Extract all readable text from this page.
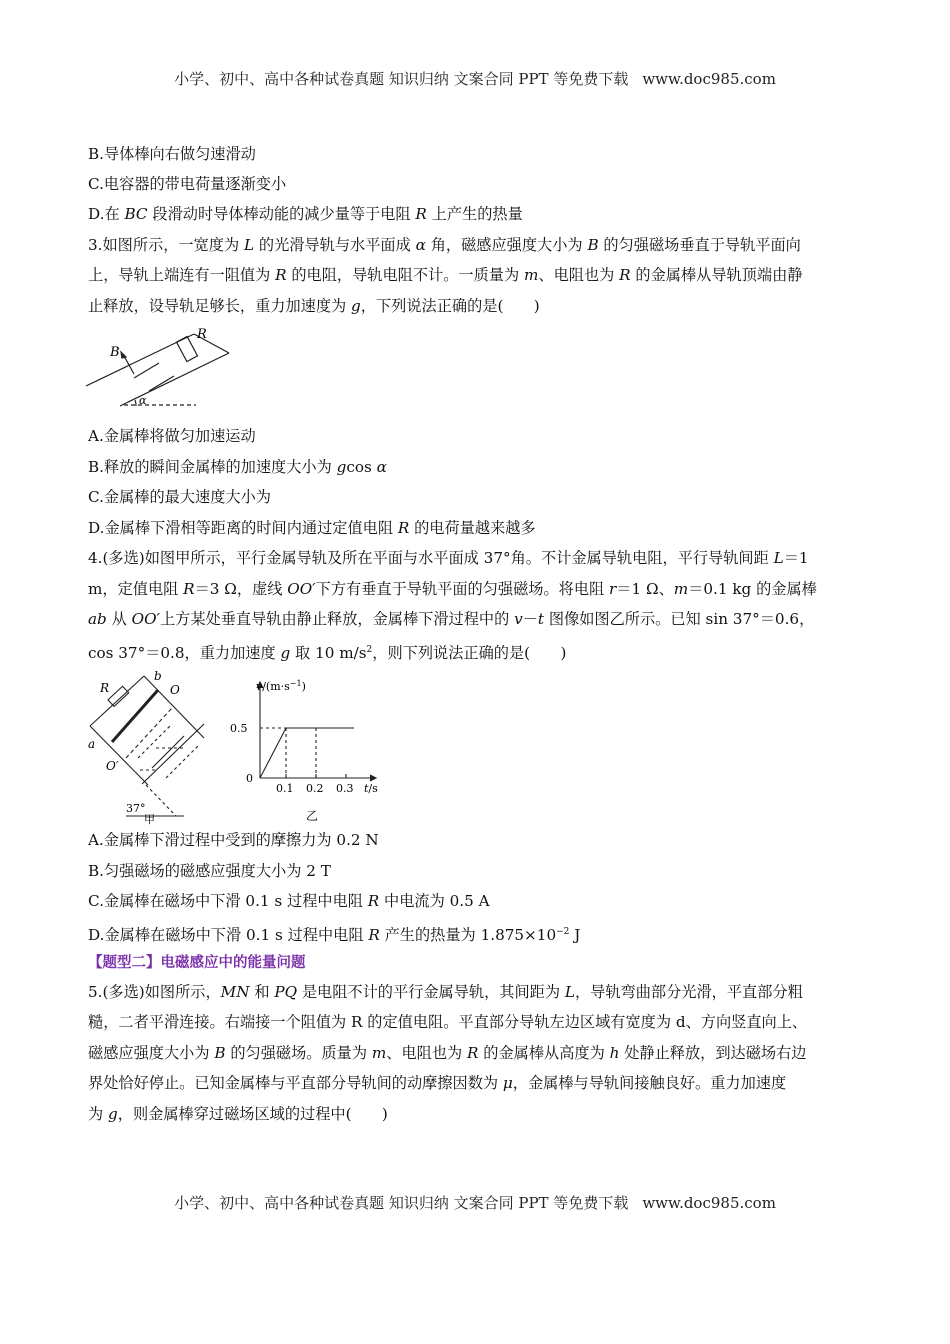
小学、初中、高中各种试卷真题 知识归纳 文案合同 PPT 等免费下载 www.doc985.com
B.导体棒向右做匀速滑动
C.电容器的带电荷量逐渐变小
D.在 BC 段滑动时导体棒动能的减少量等于电阻 R 上产生的热量
3.如图所示，一宽度为 L 的光滑导轨与水平面成 α 角，磁感应强度大小为 B 的匀强磁场垂直于导轨平面向
上，导轨上端连有一阻值为 R 的电阻，导轨电阻不计。一质量为 m、电阻也为 R 的金属棒从导轨顶端由静
止释放，设导轨足够长，重力加速度为 g，下列说法正确的是(　　)
B
R
α
A.金属棒将做匀加速运动
B.释放的瞬间金属棒的加速度大小为 gcos α
C.金属棒的最大速度大小为
D.金属棒下滑相等距离的时间内通过定值电阻 R 的电荷量越来越多
4.(多选)如图甲所示，平行金属导轨及所在平面与水平面成 37°角。不计金属导轨电阻，平行导轨间距 L＝1
m，定值电阻 R＝3 Ω，虚线 OO′下方有垂直于导轨平面的匀强磁场。将电阻 r＝1 Ω、m＝0.1 kg 的金属棒
ab 从 OO′上方某处垂直导轨由静止释放，金属棒下滑过程中的 v－t 图像如图乙所示。已知 sin 37°＝0.6，
cos 37°＝0.8，重力加速度 g 取 10 $m/s^2$，则下列说法正确的是(　　)
R
b
O
a
O′
37°
甲
$v/(m\cdot s^{-1})$
0.5
0
0.1 0.2 0.3 t/s
乙
A.金属棒下滑过程中受到的摩擦力为 0.2 N
B.匀强磁场的磁感应强度大小为 2 T
C.金属棒在磁场中下滑 0.1 s 过程中电阻 R 中电流为 0.5 A
D.金属棒在磁场中下滑 0.1 s 过程中电阻 R 产生的热量为 $1.875\times 10^{-2}$ J
【题型二】电磁感应中的能量问题
5.(多选)如图所示，MN 和 PQ 是电阻不计的平行金属导轨，其间距为 L，导轨弯曲部分光滑，平直部分粗
糙，二者平滑连接。右端接一个阻值为 R 的定值电阻。平直部分导轨左边区域有宽度为 d、方向竖直向上、
磁感应强度大小为 B 的匀强磁场。质量为 m、电阻也为 R 的金属棒从高度为 h 处静止释放，到达磁场右边
界处恰好停止。已知金属棒与平直部分导轨间的动摩擦因数为 μ，金属棒与导轨间接触良好。重力加速度
为 g，则金属棒穿过磁场区域的过程中(　　)
小学、初中、高中各种试卷真题 知识归纳 文案合同 PPT 等免费下载 www.doc985.com
